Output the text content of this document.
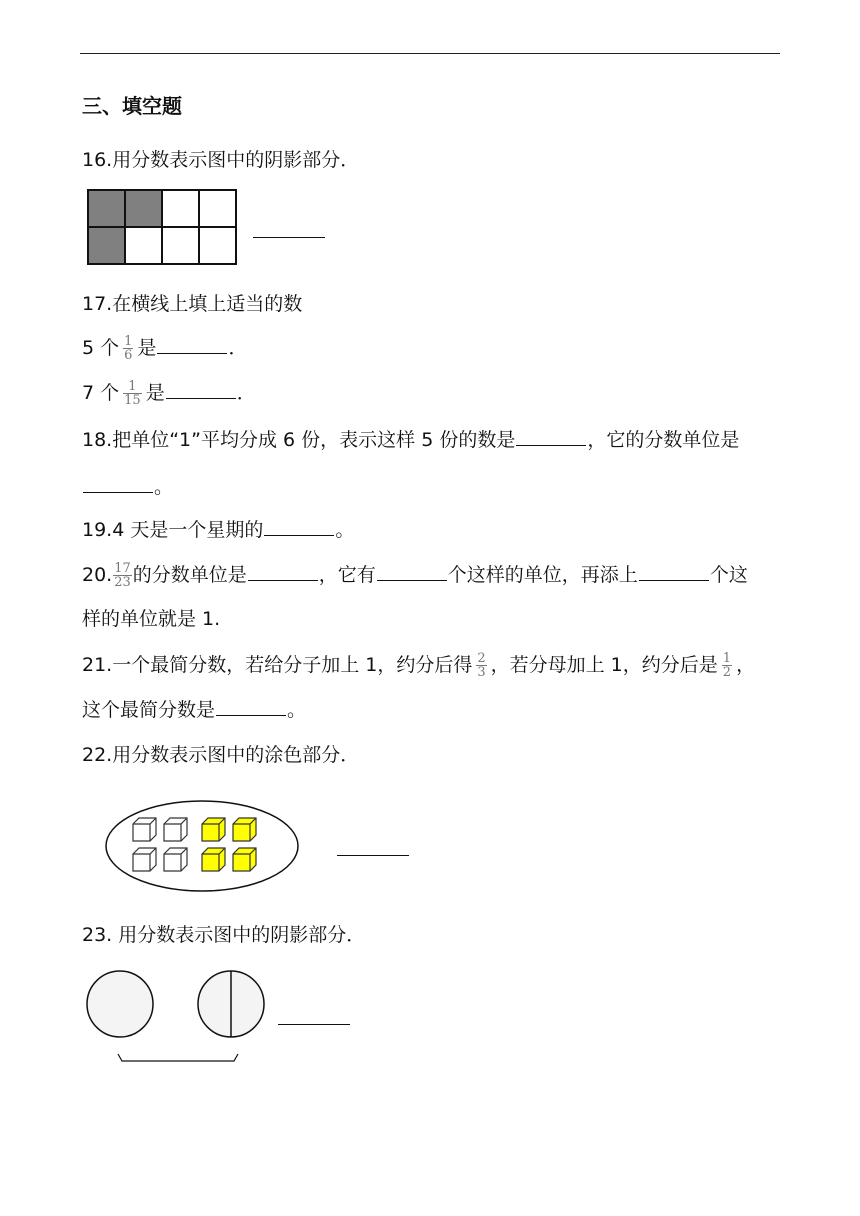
三、填空题
16.用分数表示图中的阴影部分．
17.在横线上填上适当的数
5 个 $\frac{1}{6}$ 是	．
7 个 $\frac{1}{15}$ 是	．
18.把单位“1”平均分成 6 份，表示这样 5 份的数是	，它的分数单位是
。
19.4 天是一个星期的	。
20. $\frac{17}{23}$ 的分数单位是	，它有	个这样的单位，再添上	个这
样的单位就是 1.
21.一个最简分数，若给分子加上 1，约分后得 $\frac{2}{3}$ ，若分母加上 1，约分后是 $\frac{1}{2}$ ，
这个最简分数是	。
22.用分数表示图中的涂色部分．
23. 用分数表示图中的阴影部分．
